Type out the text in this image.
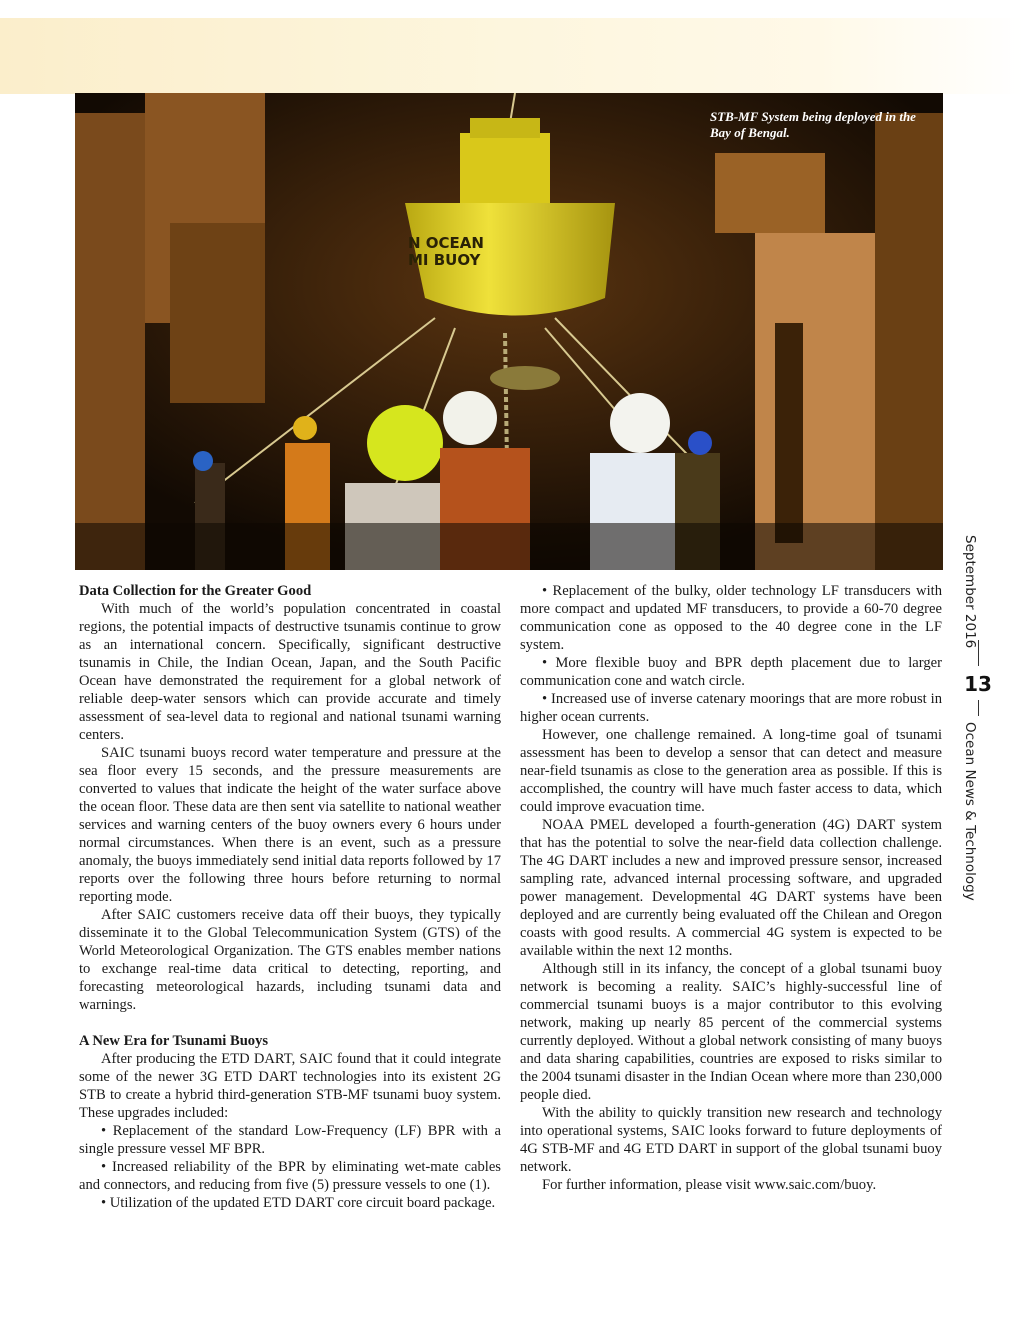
N OCEAN
MI BUOY
STB-MF System being deployed in the Bay of Bengal.
Data Collection for the Greater Good

With much of the world’s population concentrated in coastal regions, the potential impacts of destructive tsunamis continue to grow as an international concern. Specifically, significant destructive tsunamis in Chile, the Indian Ocean, Japan, and the South Pacific Ocean have demonstrated the requirement for a global network of reliable deep-water sensors which can provide accurate and timely assessment of sea-level data to regional and national tsunami warning centers.

SAIC tsunami buoys record water temperature and pressure at the sea floor every 15 seconds, and the pressure measurements are converted to values that indicate the height of the water surface above the ocean floor. These data are then sent via satellite to national weather services and warning centers of the buoy owners every 6 hours under normal circumstances. When there is an event, such as a pressure anomaly, the buoys immediately send initial data reports followed by 17 reports over the following three hours before returning to normal reporting mode.

After SAIC customers receive data off their buoys, they typically disseminate it to the Global Telecommunication System (GTS) of the World Meteorological Organization. The GTS enables member nations to exchange real-time data critical to detecting, reporting, and forecasting meteorological hazards, including tsunami data and warnings.

A New Era for Tsunami Buoys

After producing the ETD DART, SAIC found that it could integrate some of the newer 3G ETD DART technologies into its existent 2G STB to create a hybrid third-generation STB-MF tsunami buoy system. These upgrades included:

• Replacement of the standard Low-Frequency (LF) BPR with a single pressure vessel MF BPR.

• Increased reliability of the BPR by eliminating wet-mate cables and connectors, and reducing from five (5) pressure vessels to one (1).

• Utilization of the updated ETD DART core circuit board package.

• Replacement of the bulky, older technology LF transducers with more compact and updated MF transducers, to provide a 60-70 degree communication cone as opposed to the 40 degree cone in the LF system.

• More flexible buoy and BPR depth placement due to larger communication cone and watch circle.

• Increased use of inverse catenary moorings that are more robust in higher ocean currents.

However, one challenge remained. A long-time goal of tsunami assessment has been to develop a sensor that can detect and measure near-field tsunamis as close to the generation area as possible. If this is accomplished, the country will have much faster access to data, which could improve evacuation time.

NOAA PMEL developed a fourth-generation (4G) DART system that has the potential to solve the near-field data collection challenge. The 4G DART includes a new and improved pressure sensor, increased sampling rate, advanced internal processing software, and upgraded power management. Developmental 4G DART systems have been deployed and are currently being evaluated off the Chilean and Oregon coasts with good results. A commercial 4G system is expected to be available within the next 12 months.

Although still in its infancy, the concept of a global tsunami buoy network is becoming a reality. SAIC’s highly-successful line of commercial tsunami buoys is a major contributor to this evolving network, making up nearly 85 percent of the commercial systems currently deployed. Without a global network consisting of many buoys and data sharing capabilities, countries are exposed to risks similar to the 2004 tsunami disaster in the Indian Ocean where more than 230,000 people died.

With the ability to quickly transition new research and technology into operational systems, SAIC looks forward to future deployments of 4G STB-MF and 4G ETD DART in support of the global tsunami buoy network.

For further information, please visit www.saic.com/buoy.

September 2016
13
Ocean News & Technology
